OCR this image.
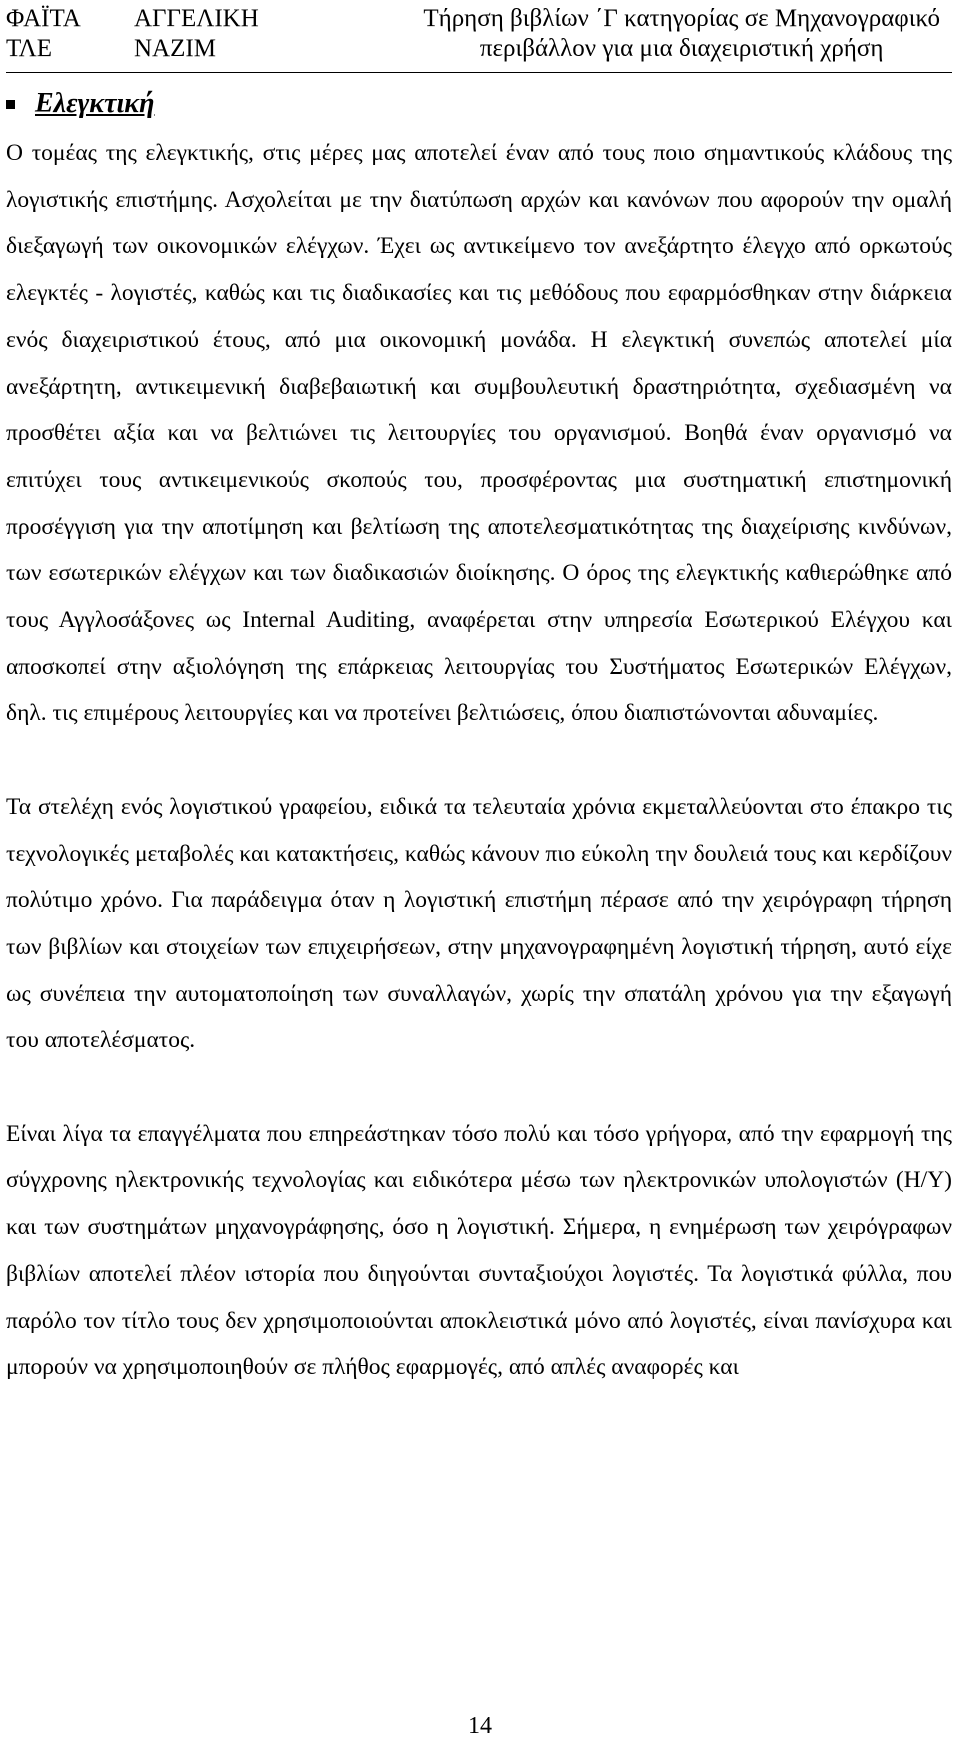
ΦΑΪΤΑ ΑΓΓΕΛΙΚΗ
ΤΛΕ	ΝΑΖΙΜ
Τήρηση βιβλίων ΄Γ κατηγορίας σε Μηχανογραφικό
περιβάλλον για μια διαχειριστική χρήση
Ελεγκτική

Ο τομέας της ελεγκτικής, στις μέρες μας αποτελεί έναν από τους ποιο σημαντικούς κλάδους της λογιστικής επιστήμης. Ασχολείται με την διατύπωση αρχών και κανόνων που αφορούν την ομαλή διεξαγωγή των οικονομικών ελέγχων. Έχει ως αντικείμενο τον ανεξάρτητο έλεγχο από ορκωτούς ελεγκτές - λογιστές, καθώς και τις διαδικασίες και τις μεθόδους που εφαρμόσθηκαν στην διάρκεια ενός διαχειριστικού έτους, από μια οικονομική μονάδα. Η ελεγκτική συνεπώς αποτελεί μία ανεξάρτητη, αντικειμενική διαβεβαιωτική και συμβουλευτική δραστηριότητα, σχεδιασμένη να προσθέτει αξία και να βελτιώνει τις λειτουργίες του οργανισμού. Βοηθά έναν οργανισμό να επιτύχει τους αντικειμενικούς σκοπούς του, προσφέροντας μια συστηματική επιστημονική προσέγγιση για την αποτίμηση και βελτίωση της αποτελεσματικότητας της διαχείρισης κινδύνων, των εσωτερικών ελέγχων και των διαδικασιών διοίκησης. Ο όρος της ελεγκτικής καθιερώθηκε από τους Αγγλοσάξονες ως Internal Auditing, αναφέρεται στην υπηρεσία Εσωτερικού Ελέγχου και αποσκοπεί στην αξιολόγηση της επάρκειας λειτουργίας του Συστήματος Εσωτερικών Ελέγχων, δηλ. τις επιμέρους λειτουργίες και να προτείνει βελτιώσεις, όπου διαπιστώνονται αδυναμίες.

Τα στελέχη ενός λογιστικού γραφείου, ειδικά τα τελευταία χρόνια εκμεταλλεύονται στο έπακρο τις τεχνολογικές μεταβολές και κατακτήσεις, καθώς κάνουν πιο εύκολη την δουλειά τους και κερδίζουν πολύτιμο χρόνο. Για παράδειγμα όταν η λογιστική επιστήμη πέρασε από την χειρόγραφη τήρηση των βιβλίων και στοιχείων των επιχειρήσεων, στην μηχανογραφημένη λογιστική τήρηση, αυτό είχε ως συνέπεια την αυτοματοποίηση των συναλλαγών, χωρίς την σπατάλη χρόνου για την εξαγωγή του αποτελέσματος.

Είναι λίγα τα επαγγέλματα που επηρεάστηκαν τόσο πολύ και τόσο γρήγορα, από την εφαρμογή της σύγχρονης ηλεκτρονικής τεχνολογίας και ειδικότερα μέσω των ηλεκτρονικών υπολογιστών (Η/Υ) και των συστημάτων μηχανογράφησης, όσο η λογιστική. Σήμερα, η ενημέρωση των χειρόγραφων βιβλίων αποτελεί πλέον ιστορία που διηγούνται συνταξιούχοι λογιστές. Τα λογιστικά φύλλα, που παρόλο τον τίτλο τους δεν χρησιμοποιούνται αποκλειστικά μόνο από λογιστές, είναι πανίσχυρα και μπορούν να χρησιμοποιηθούν σε πλήθος εφαρμογές, από απλές αναφορές και

14
